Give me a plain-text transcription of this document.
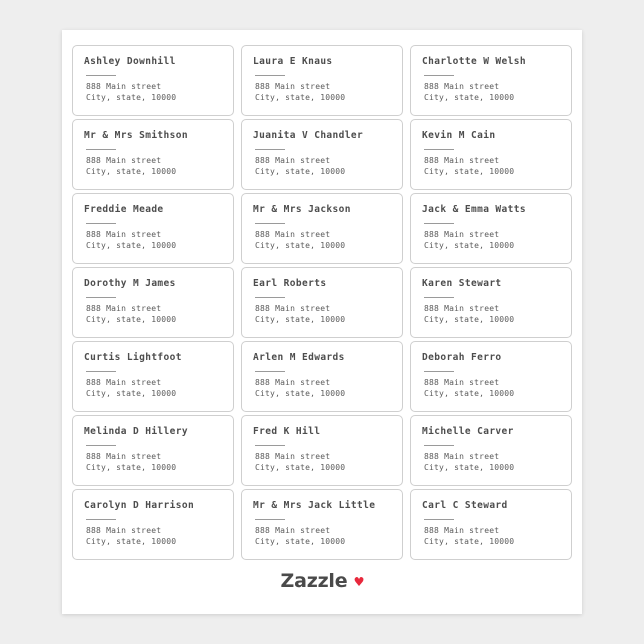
Ashley Downhill
888 Main street
City, state, 10000
Laura E Knaus
888 Main street
City, state, 10000
Charlotte W Welsh
888 Main street
City, state, 10000
Mr & Mrs Smithson
888 Main street
City, state, 10000
Juanita V Chandler
888 Main street
City, state, 10000
Kevin M Cain
888 Main street
City, state, 10000
Freddie Meade
888 Main street
City, state, 10000
Mr & Mrs Jackson
888 Main street
City, state, 10000
Jack & Emma Watts
888 Main street
City, state, 10000
Dorothy M James
888 Main street
City, state, 10000
Earl Roberts
888 Main street
City, state, 10000
Karen Stewart
888 Main street
City, state, 10000
Curtis Lightfoot
888 Main street
City, state, 10000
Arlen M Edwards
888 Main street
City, state, 10000
Deborah Ferro
888 Main street
City, state, 10000
Melinda D Hillery
888 Main street
City, state, 10000
Fred K Hill
888 Main street
City, state, 10000
Michelle Carver
888 Main street
City, state, 10000
Carolyn D Harrison
888 Main street
City, state, 10000
Mr & Mrs Jack Little
888 Main street
City, state, 10000
Carl C Steward
888 Main street
City, state, 10000
Zazzle ♥
